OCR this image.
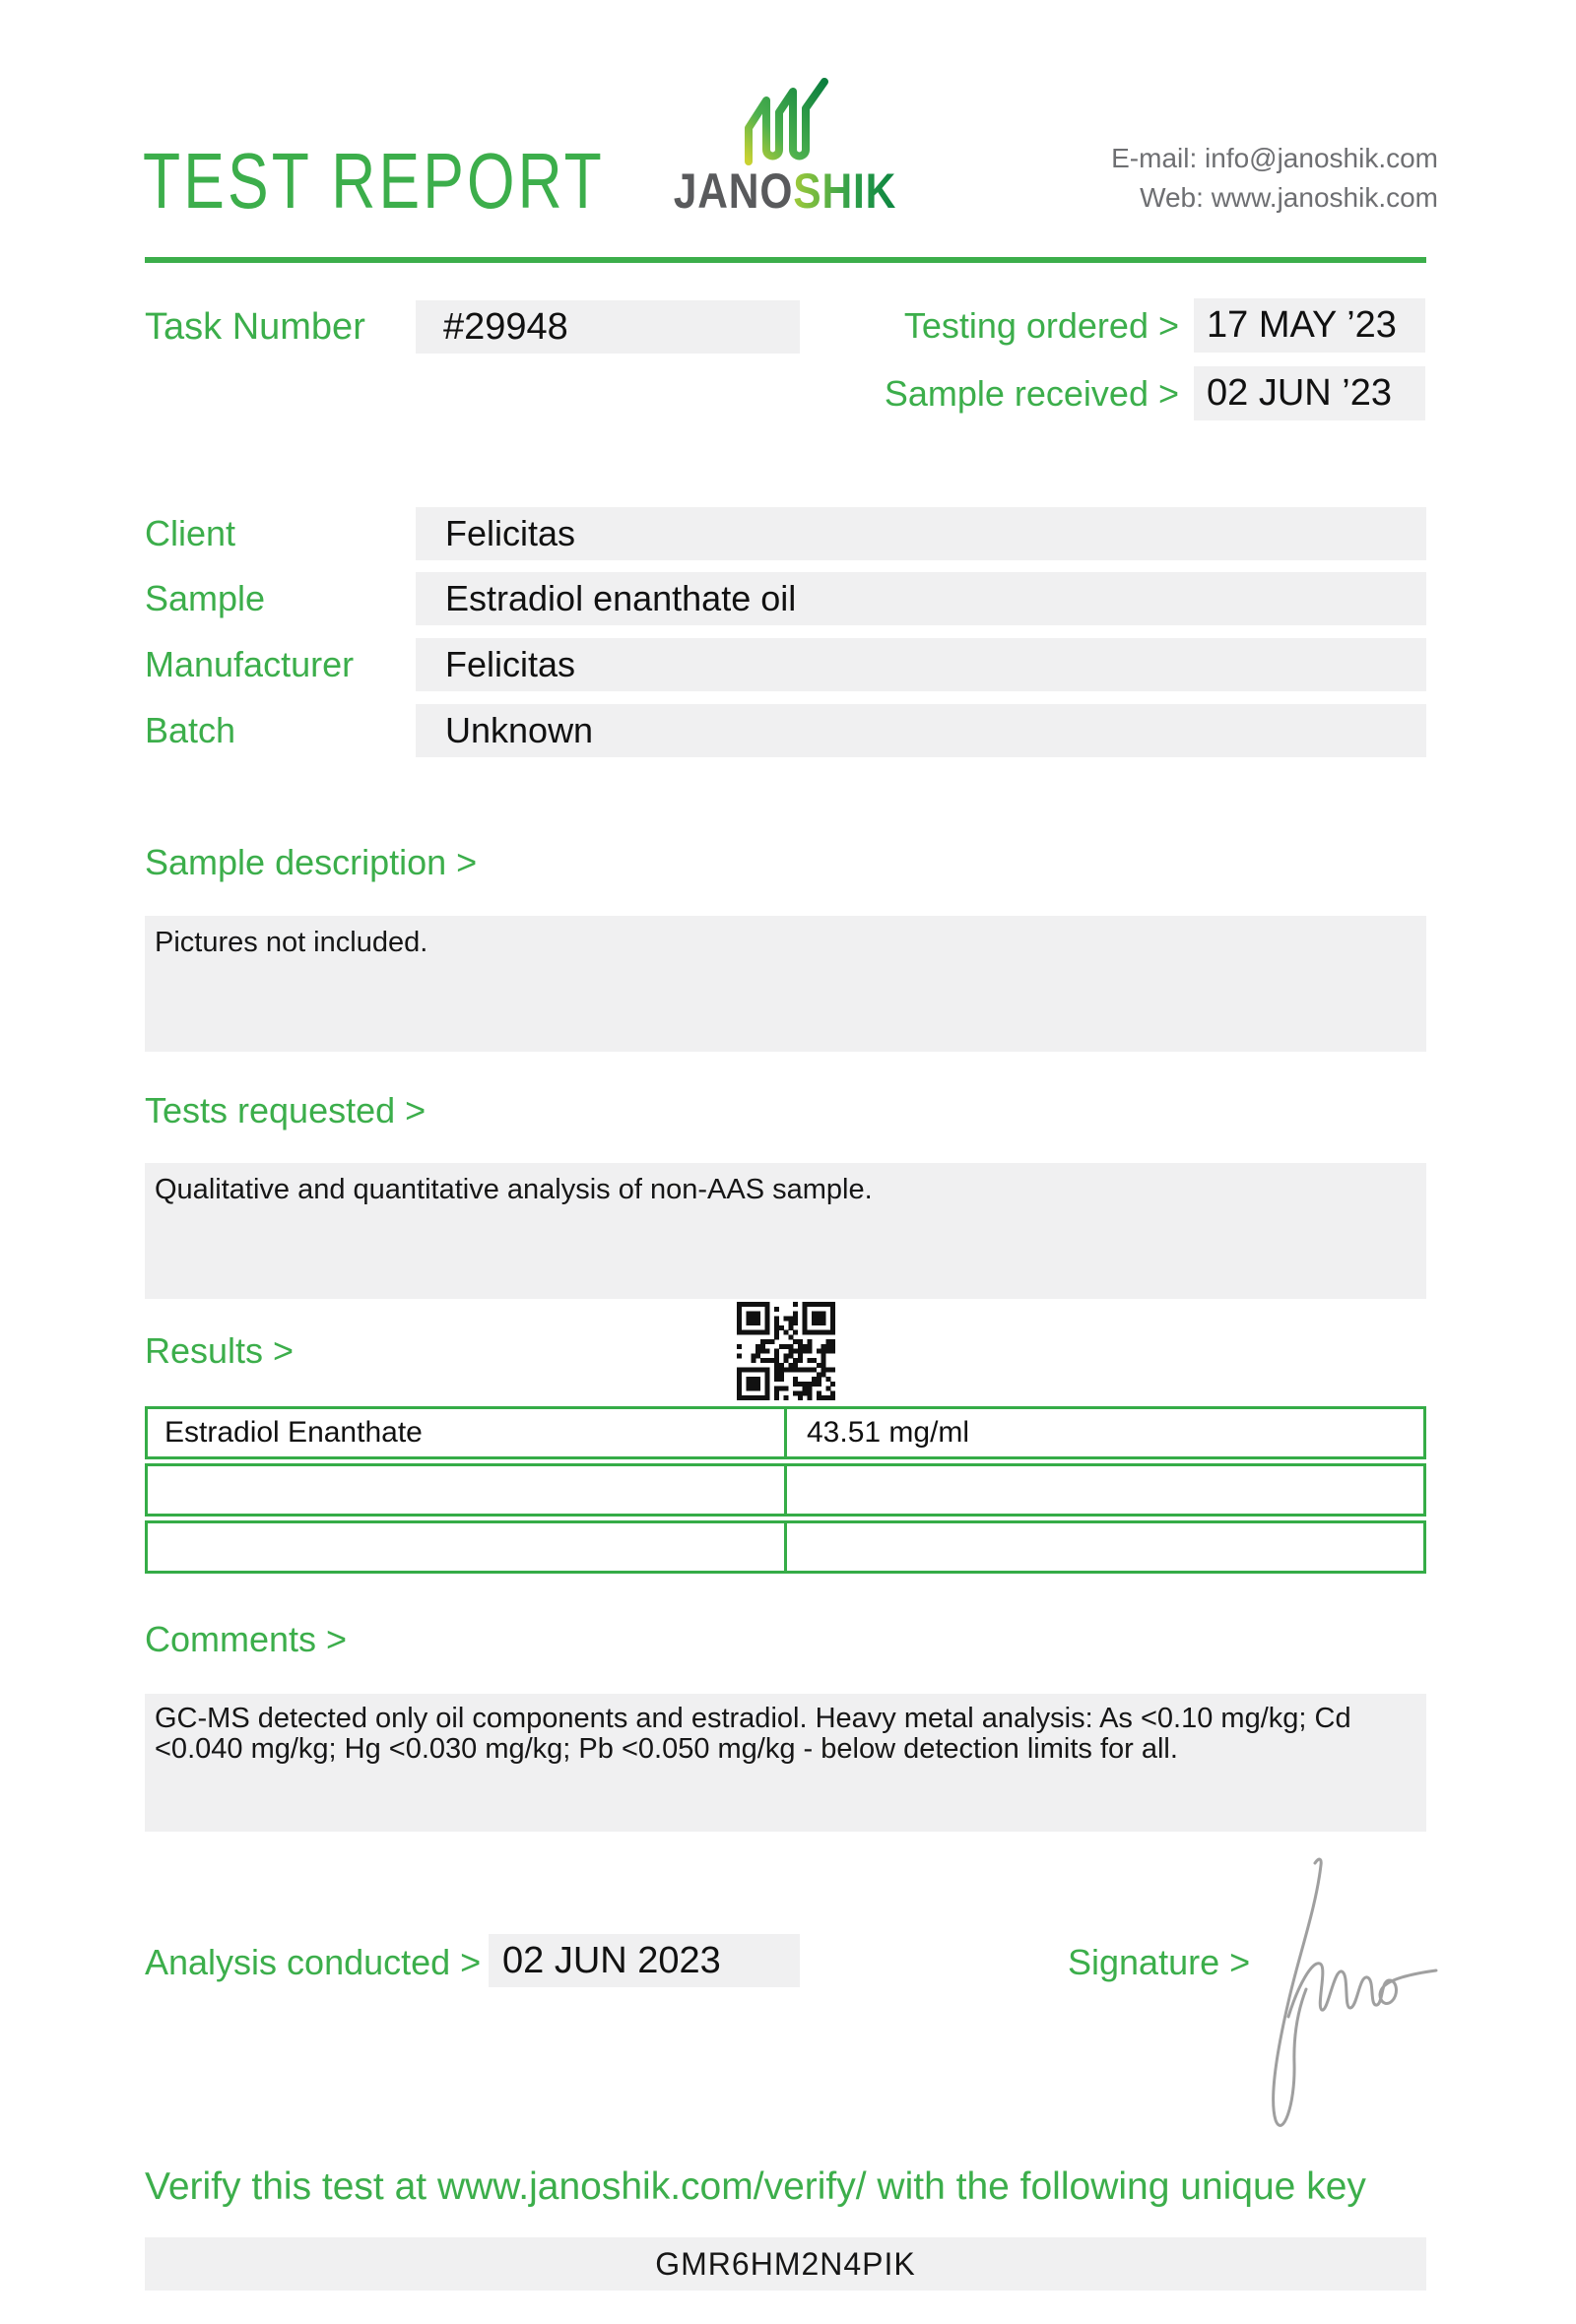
TEST REPORT JANOSHIK
E-mail: info@janoshik.com
Web: www.janoshik.com
Task Number	#29948	Testing ordered > 17 MAY ’23
Sample received > 02 JUN ’23
Client	Felicitas
Sample	Estradiol enanthate oil
Manufacturer	Felicitas
Batch	Unknown
Sample description >
Pictures not included.
Tests requested >
Qualitative and quantitative analysis of non-AAS sample.
Results >
Estradiol Enanthate	43.51 mg/ml
Comments >
GC-MS detected only oil components and estradiol. Heavy metal analysis: As <0.10 mg/kg; Cd <0.040 mg/kg; Hg <0.030 mg/kg; Pb <0.050 mg/kg - below detection limits for all.
Analysis conducted > 02 JUN 2023	Signature >
Verify this test at www.janoshik.com/verify/ with the following unique key
GMR6HM2N4PIK
